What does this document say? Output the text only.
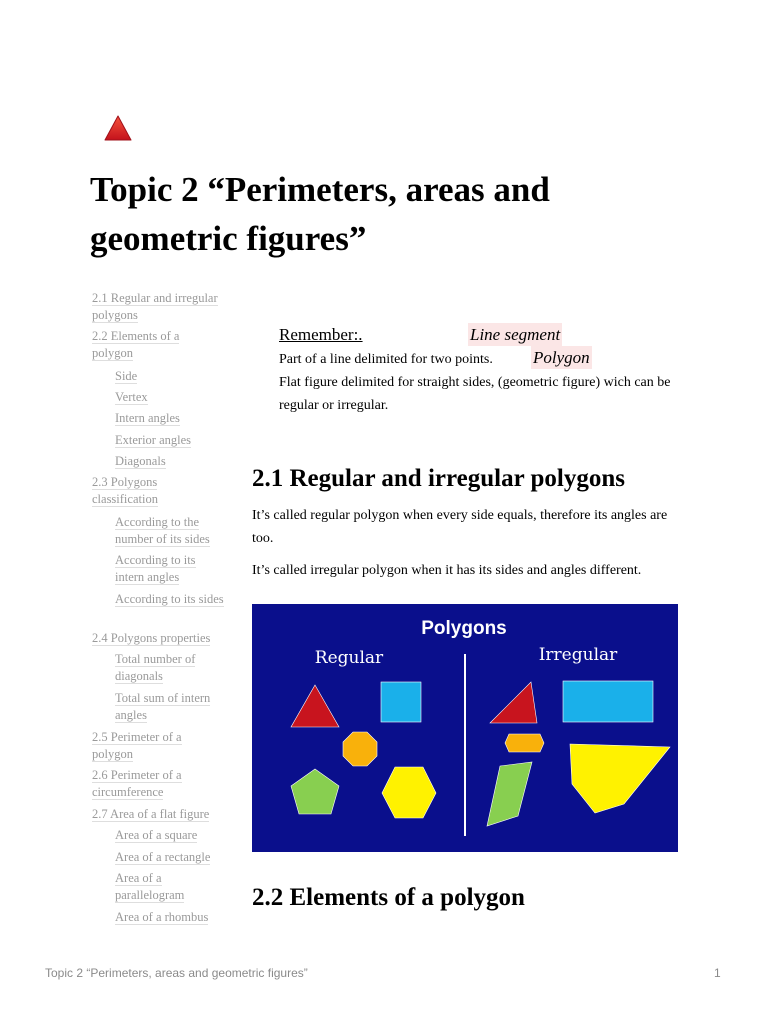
Topic 2 “Perimeters, areas and geometric figures”
2.1 Regular and irregular polygons
2.2 Elements of a polygon
Side
Vertex
Intern angles
Exterior angles
Diagonals
2.3 Polygons classification
According to the number of its sides
According to its intern angles
According to its sides
2.4 Polygons properties
Total number of diagonals
Total sum of intern angles
2.5 Perimeter of a polygon
2.6 Perimeter of a circumference
2.7 Area of a flat figure
Area of a square
Area of a rectangle
Area of a parallelogram
Area of a rhombus
Remember:.	Line segment
Part of a line delimited for two points.	Polygon
Flat figure delimited for straight sides, (geometric figure) wich can be regular or irregular.
2.1 Regular and irregular polygons

It’s called regular polygon when every side equals, therefore its angles are too.

It’s called irregular polygon when it has its sides and angles different.

Polygons
Regular	Irregular
2.2 Elements of a polygon
Topic 2 “Perimeters, areas and geometric figures”	1
